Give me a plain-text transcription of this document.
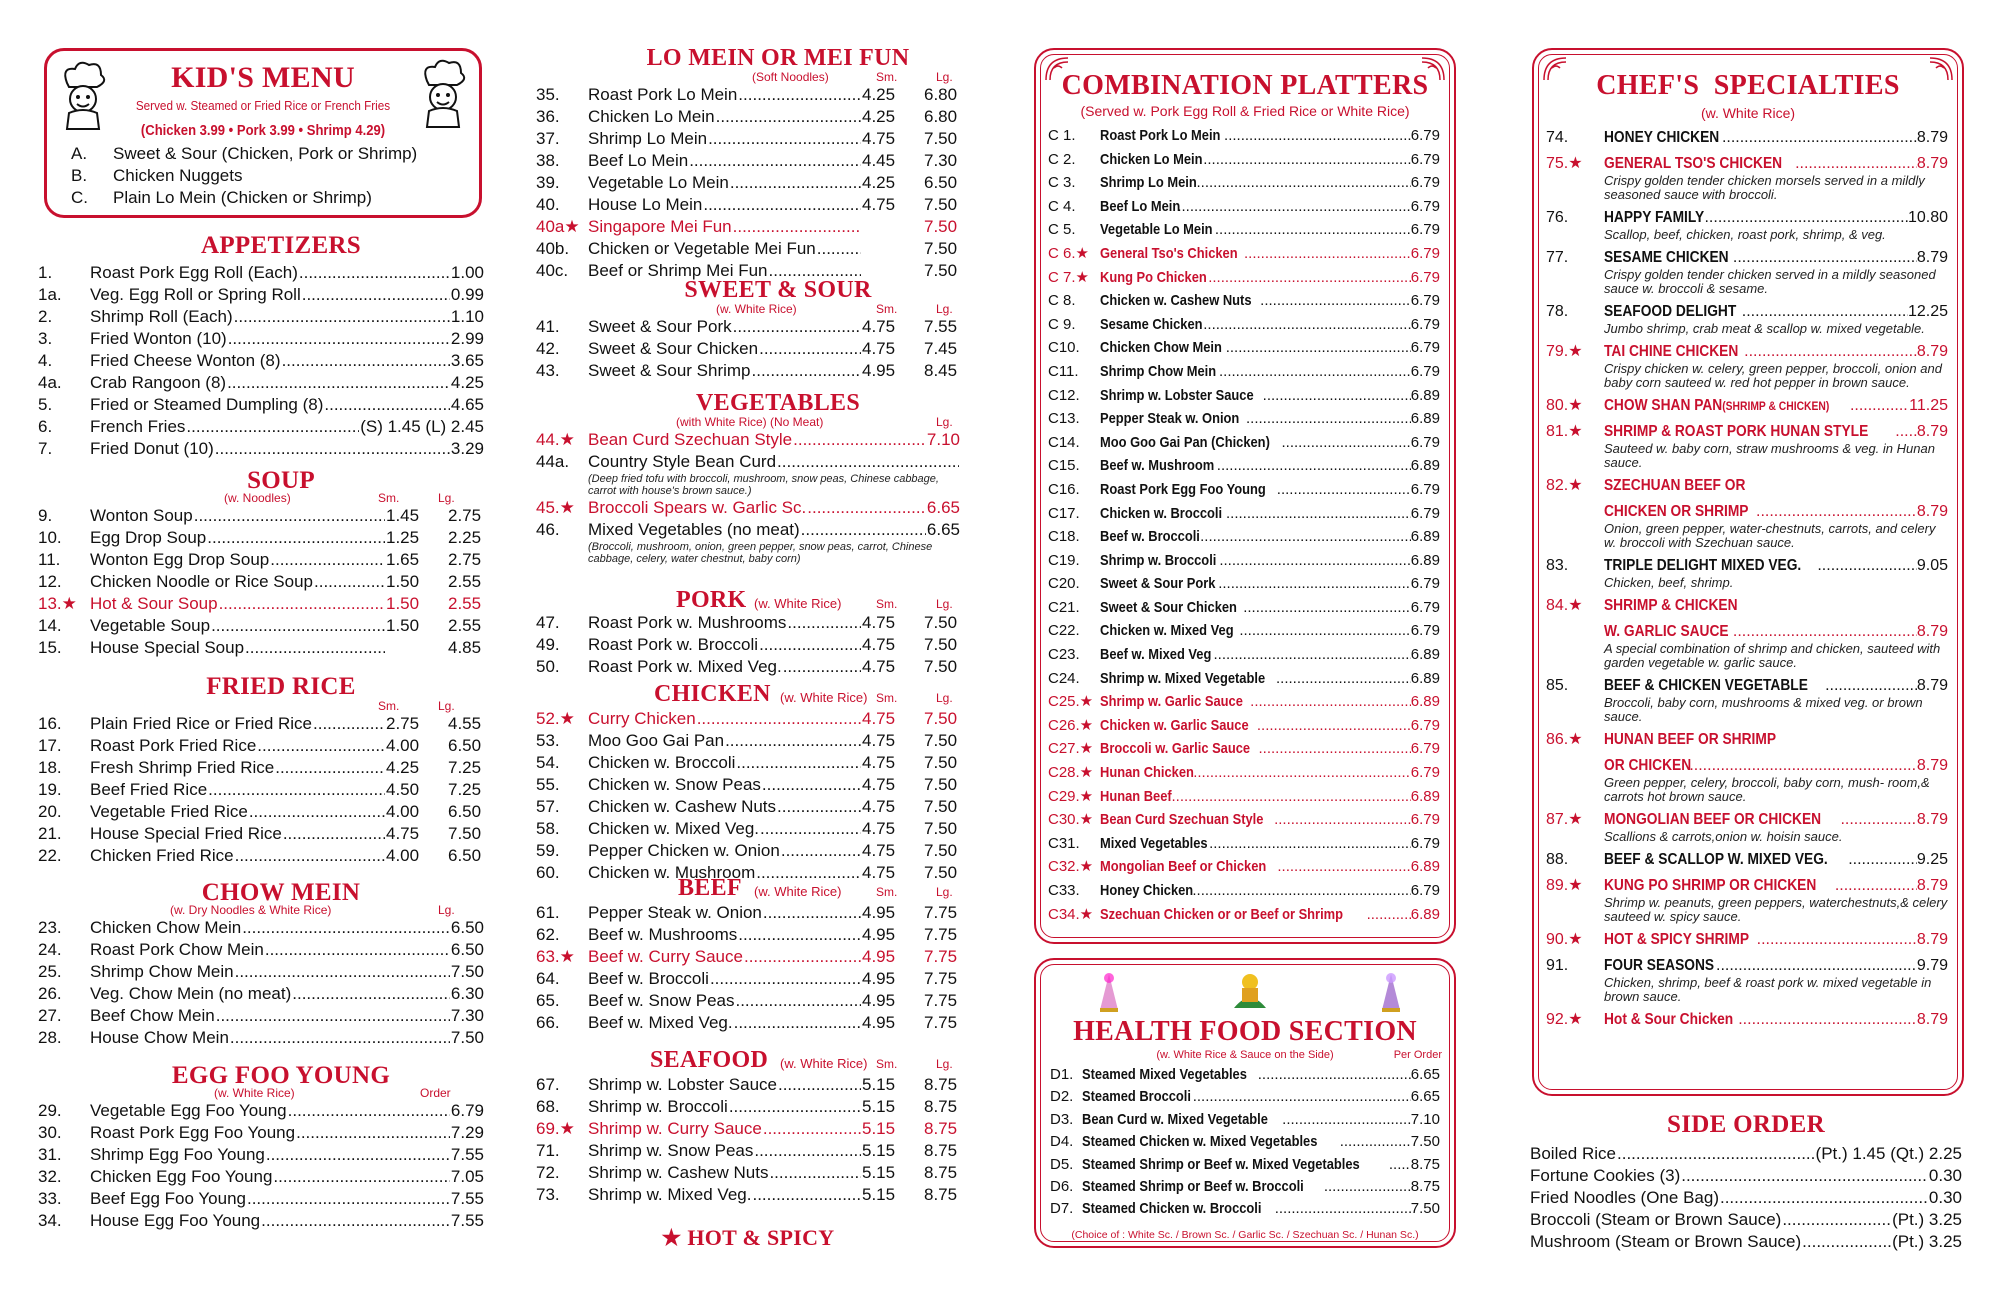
KID'S MENU
Served w. Steamed or Fried Rice or French Fries
(Chicken 3.99 • Pork 3.99 • Shrimp 4.29)
A.	Sweet & Sour (Chicken, Pork or Shrimp)
B.	Chicken Nuggets
C.	Plain Lo Mein (Chicken or Shrimp)
APPETIZERS
1.	Roast Pork Egg Roll (Each) .....	1.00
1a.	Veg. Egg Roll or Spring Roll .....	0.99
2.	Shrimp Roll (Each) .....	1.10
3.	Fried Wonton (10) .....	2.99
4.	Fried Cheese Wonton (8) .....	3.65
4a.	Crab Rangoon (8) .....	4.25
5.	Fried or Steamed Dumpling (8) .....	4.65
6.	French Fries .....	(S) 1.45 (L) 2.45
7.	Fried Donut (10) .....	3.29
SOUP
(w. Noodles)	Sm.	Lg.
9.	Wonton Soup .....	1.45	2.75
10.	Egg Drop Soup .....	1.25	2.25
11.	Wonton Egg Drop Soup .....	1.65	2.75
12.	Chicken Noodle or Rice Soup .....	1.50	2.55
13.★ Hot & Sour Soup .....	1.50	2.55
14.	Vegetable Soup .....	1.50	2.55
15.	House Special Soup .....	4.85
FRIED RICE
Sm.	Lg.
16.	Plain Fried Rice or Fried Rice .....	2.75	4.55
17.	Roast Pork Fried Rice .....	4.00	6.50
18.	Fresh Shrimp Fried Rice .....	4.25	7.25
19.	Beef Fried Rice .....	4.50	7.25
20.	Vegetable Fried Rice .....	4.00	6.50
21.	House Special Fried Rice .....	4.75	7.50
22.	Chicken Fried Rice .....	4.00	6.50
CHOW MEIN
(w. Dry Noodles & White Rice)	Lg.
23.	Chicken Chow Mein .....	6.50
24.	Roast Pork Chow Mein .....	6.50
25.	Shrimp Chow Mein .....	7.50
26.	Veg. Chow Mein (no meat) .....	6.30
27.	Beef Chow Mein .....	7.30
28.	House Chow Mein .....	7.50
EGG FOO YOUNG
(w. White Rice)	Order
29.	Vegetable Egg Foo Young .....	6.79
30.	Roast Pork Egg Foo Young .....	7.29
31.	Shrimp Egg Foo Young .....	7.55
32.	Chicken Egg Foo Young .....	7.05
33.	Beef Egg Foo Young .....	7.55
34.	House Egg Foo Young .....	7.55
LO MEIN OR MEI FUN
(Soft Noodles)	Sm.	Lg.
35.	Roast Pork Lo Mein .....	4.25	6.80
36.	Chicken Lo Mein .....	4.25	6.80
37.	Shrimp Lo Mein .....	4.75	7.50
38.	Beef Lo Mein .....	4.45	7.30
39.	Vegetable Lo Mein .....	4.25	6.50
40.	House Lo Mein .....	4.75	7.50
40a★ Singapore Mei Fun .....	7.50
40b.	Chicken or Vegetable Mei Fun .....	7.50
40c.	Beef or Shrimp Mei Fun .....	7.50
SWEET & SOUR
(w. White Rice)	Sm.	Lg.
41.	Sweet & Sour Pork .....	4.75	7.55
42.	Sweet & Sour Chicken .....	4.75	7.45
43.	Sweet & Sour Shrimp .....	4.95	8.45
VEGETABLES
(with White Rice) (No Meat)	Lg.
44.★ Bean Curd Szechuan Style .....	7.10
44a.	Country Style Bean Curd
.....
(Deep fried tofu with broccoli, mushroom, snow peas, Chinese cabbage, carrot with house's brown sauce.)
45.★ Broccoli Spears w. Garlic Sc. .....	6.65
46.	Mixed Vegetables (no meat) .....	6.65
(Broccoli, mushroom, onion, green pepper, snow peas, carrot, Chinese cabbage, celery, water chestnut, baby corn)
PORK (w. White Rice)	Sm.	Lg.
47.	Roast Pork w. Mushrooms .....	4.75	7.50
49.	Roast Pork w. Broccoli .....	4.75	7.50
50.	Roast Pork w. Mixed Veg. .....	4.75	7.50
CHICKEN (w. White Rice) Sm.	Lg.
52.★ Curry Chicken .....	4.75	7.50
53.	Moo Goo Gai Pan .....	4.75	7.50
54.	Chicken w. Broccoli .....	4.75	7.50
55.	Chicken w. Snow Peas .....	4.75	7.50
57.	Chicken w. Cashew Nuts .....	4.75	7.50
58.	Chicken w. Mixed Veg. .....	4.75	7.50
59.	Pepper Chicken w. Onion .....	4.75	7.50
60.	Chicken w. Mushroom .....	4.75	7.50
BEEF (w. White Rice)	Sm.	Lg.
61.	Pepper Steak w. Onion .....	4.95	7.75
62.	Beef w. Mushrooms .....	4.95	7.75
63.★ Beef w. Curry Sauce .....	4.95	7.75
64.	Beef w. Broccoli .....	4.95	7.75
65.	Beef w. Snow Peas .....	4.95	7.75
66.	Beef w. Mixed Veg. .....	4.95	7.75
SEAFOOD (w. White Rice) Sm.	Lg.
67.	Shrimp w. Lobster Sauce .....	5.15	8.75
68.	Shrimp w. Broccoli .....	5.15	8.75
69.★ Shrimp w. Curry Sauce .....	5.15	8.75
71.	Shrimp w. Snow Peas .....	5.15	8.75
72.	Shrimp w. Cashew Nuts .....	5.15	8.75
73.	Shrimp w. Mixed Veg. .....	5.15	8.75
★ HOT & SPICY
COMBINATION PLATTERS
(Served w. Pork Egg Roll & Fried Rice or White Rice)
C 1.	Roast Pork Lo Mein .....	6.79
C 2.	Chicken Lo Mein .....	6.79
C 3.	Shrimp Lo Mein .....	6.79
C 4.	Beef Lo Mein .....	6.79
C 5.	Vegetable Lo Mein .....	6.79
C 6.★ General Tso's Chicken .....	6.79
C 7.★ Kung Po Chicken .....	6.79
C 8.	Chicken w. Cashew Nuts .....	6.79
C 9.	Sesame Chicken .....	6.79
C10.	Chicken Chow Mein .....	6.79
C11.	Shrimp Chow Mein .....	6.79
C12.	Shrimp w. Lobster Sauce .....	6.89
C13.	Pepper Steak w. Onion .....	6.89
C14.	Moo Goo Gai Pan (Chicken) .....	6.79
C15.	Beef w. Mushroom .....	6.89
C16.	Roast Pork Egg Foo Young .....	6.79
C17.	Chicken w. Broccoli .....	6.79
C18.	Beef w. Broccoli .....	6.89
C19.	Shrimp w. Broccoli .....	6.89
C20.	Sweet & Sour Pork .....	6.79
C21.	Sweet & Sour Chicken .....	6.79
C22.	Chicken w. Mixed Veg .....	6.79
C23.	Beef w. Mixed Veg .....	6.89
C24.	Shrimp w. Mixed Vegetable .....	6.89
C25.★ Shrimp w. Garlic Sauce .....	6.89
C26.★ Chicken w. Garlic Sauce .....	6.79
C27.★ Broccoli w. Garlic Sauce .....	6.79
C28.★ Hunan Chicken .....	6.79
C29.★ Hunan Beef .....	6.89
C30.★ Bean Curd Szechuan Style .....	6.79
C31.	Mixed Vegetables .....	6.79
C32.★ Mongolian Beef or Chicken .....	6.89
C33.	Honey Chicken .....	6.79
C34.★ Szechuan Chicken or or Beef or Shrimp .....	6.89
HEALTH FOOD SECTION
(w. White Rice & Sauce on the Side)	Per Order
D1. Steamed Mixed Vegetables .....	6.65
D2. Steamed Broccoli .....	6.65
D3. Bean Curd w. Mixed Vegetable .....	7.10
D4. Steamed Chicken w. Mixed Vegetables .....	7.50
D5. Steamed Shrimp or Beef w. Mixed Vegetables .....	8.75
D6. Steamed Shrimp or Beef w. Broccoli .....	8.75
D7. Steamed Chicken w. Broccoli .....	7.50
(Choice of : White Sc. / Brown Sc. / Garlic Sc. / Szechuan Sc. / Hunan Sc.)
CHEF'S  SPECIALTIES
(w. White Rice)
74.	HONEY CHICKEN .....	8.79
75.★	GENERAL TSO'S CHICKEN .....	8.79
Crispy golden tender chicken morsels served in a mildly seasoned sauce with broccoli.
76.	HAPPY FAMILY .....	10.80
Scallop, beef, chicken, roast pork, shrimp, & veg.
77.	SESAME CHICKEN .....	8.79
Crispy golden tender chicken served in a mildly seasoned sauce w. broccoli & sesame.
78.	SEAFOOD DELIGHT .....	12.25
Jumbo shrimp, crab meat & scallop w. mixed vegetable.
79.★	TAI CHINE CHICKEN .....	8.79
Crispy chicken w. celery, green pepper, broccoli, onion and baby corn sauteed w. red hot pepper in brown sauce.
80.★	CHOW SHAN PAN(SHRIMP & CHICKEN) .....	11.25
81.★	SHRIMP & ROAST PORK HUNAN STYLE .....	8.79
Sauteed w. baby corn, straw mushrooms & veg. in Hunan sauce.
82.★	SZECHUAN BEEF OR
CHICKEN OR SHRIMP .....	8.79
Onion, green pepper, water-chestnuts, carrots, and celery w. broccoli with Szechuan sauce.
83.	TRIPLE DELIGHT MIXED VEG. .....	9.05
Chicken, beef, shrimp.
84.★	SHRIMP & CHICKEN
W. GARLIC SAUCE .....	8.79
A special combination of shrimp and chicken, sauteed with garden vegetable w. garlic sauce.
85.	BEEF & CHICKEN VEGETABLE .....	8.79
Broccoli, baby corn, mushrooms & mixed veg. or brown sauce.
86.★	HUNAN BEEF OR SHRIMP
OR CHICKEN .....	8.79
Green pepper, celery, broccoli, baby corn, mush- room,& carrots hot brown sauce.
87.★	MONGOLIAN BEEF OR CHICKEN .....	8.79
Scallions & carrots,onion w. hoisin sauce.
88.	BEEF & SCALLOP W. MIXED VEG. .....	9.25
89.★	KUNG PO SHRIMP OR CHICKEN .....	8.79
Shrimp w. peanuts, green peppers, waterchestnuts,& celery sauteed w. spicy sauce.
90.★	HOT & SPICY SHRIMP .....	8.79
91.	FOUR SEASONS .....	9.79
Chicken, shrimp, beef & roast pork w. mixed vegetable in brown sauce.
92.★	Hot & Sour Chicken .....	8.79
SIDE ORDER
Boiled Rice .....	(Pt.) 1.45 (Qt.) 2.25
Fortune Cookies (3) .....	0.30
Fried Noodles (One Bag) .....	0.30
Broccoli (Steam or Brown Sauce) .....	(Pt.) 3.25
Mushroom (Steam or Brown Sauce) .....	(Pt.) 3.25
